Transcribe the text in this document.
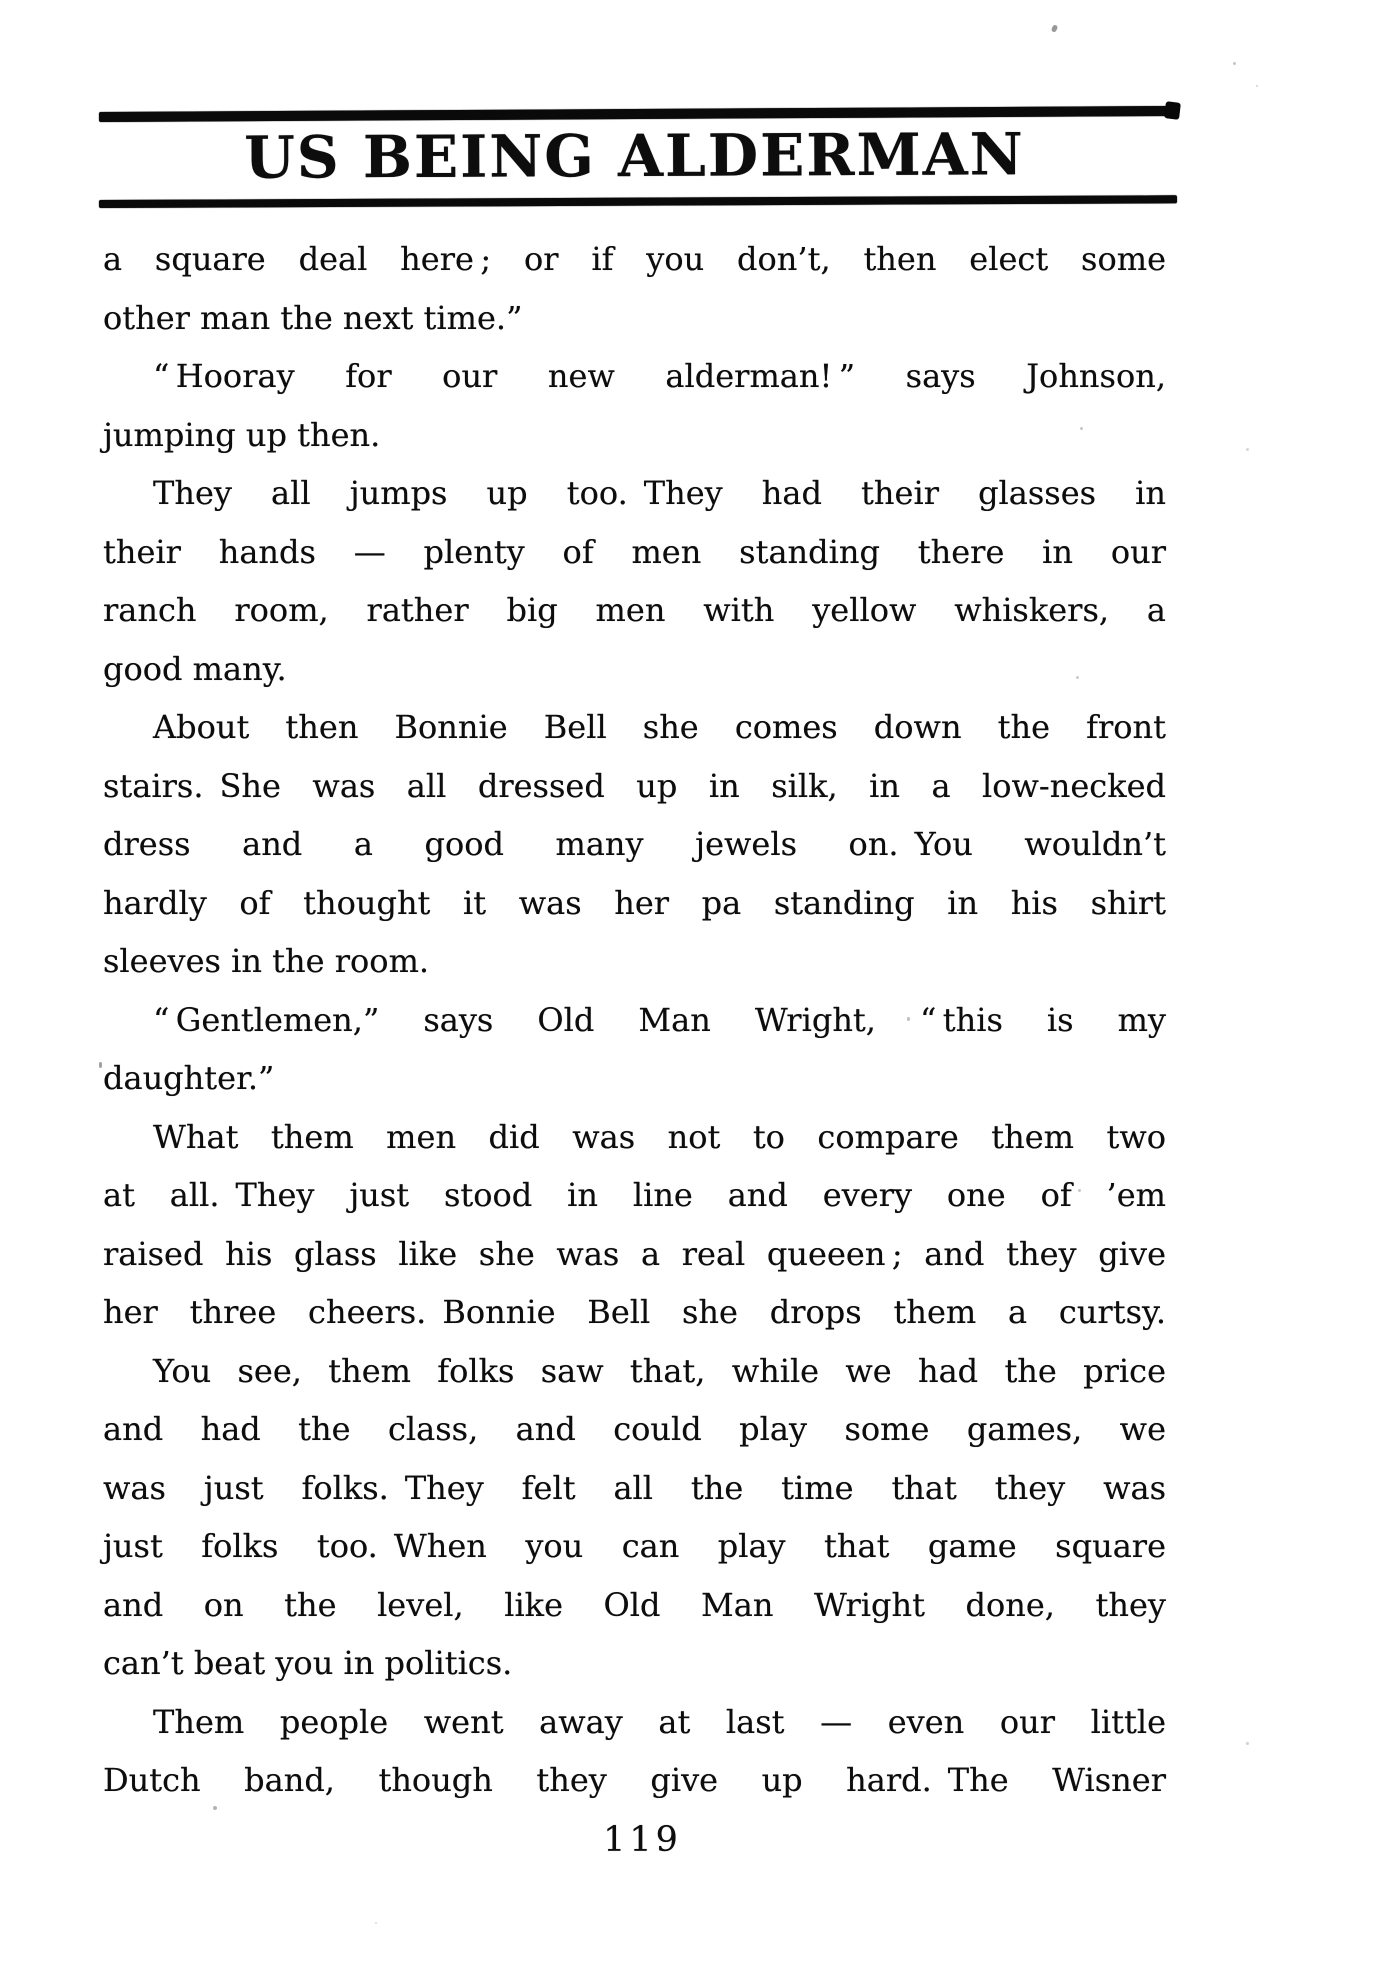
US BEING ALDERMAN
a square deal here ; or if you don’t, then elect some
other man the next time.”
“ Hooray for our new alderman! ” says Johnson,
jumping up then.
They all jumps up too. They had their glasses in
their hands — plenty of men standing there in our
ranch room, rather big men with yellow whiskers, a
good many.
About then Bonnie Bell she comes down the front
stairs. She was all dressed up in silk, in a low-necked
dress and a good many jewels on. You wouldn’t
hardly of thought it was her pa standing in his shirt
sleeves in the room.
“ Gentlemen,” says Old Man Wright, “ this is my
daughter.”
What them men did was not to compare them two
at all. They just stood in line and every one of ’em
raised his glass like she was a real queeen ; and they give
her three cheers. Bonnie Bell she drops them a curtsy.
You see, them folks saw that, while we had the price
and had the class, and could play some games, we
was just folks. They felt all the time that they was
just folks too. When you can play that game square
and on the level, like Old Man Wright done, they
can’t beat you in politics.
Them people went away at last — even our little
Dutch band, though they give up hard. The Wisner
119
